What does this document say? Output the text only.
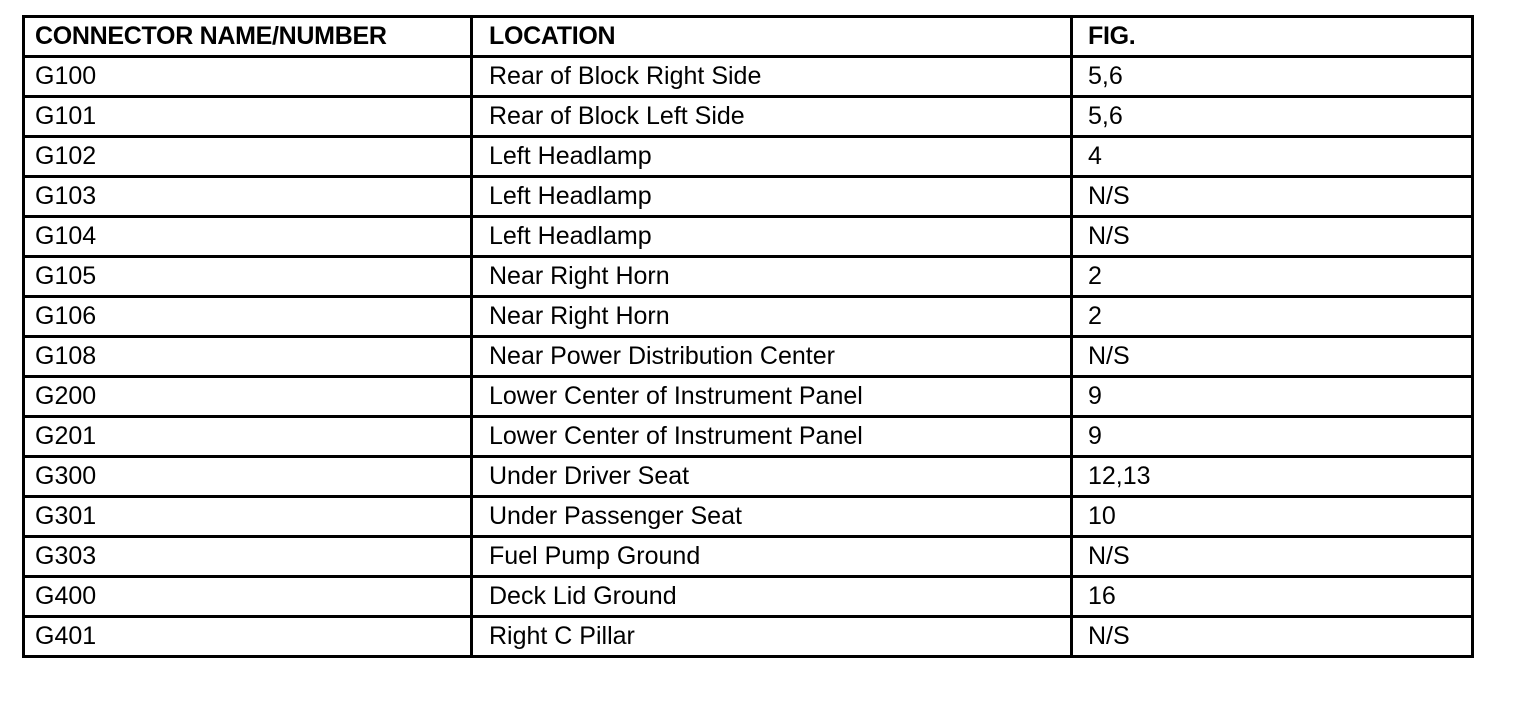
CONNECTOR NAME/NUMBER	LOCATION	FIG.
G100	Rear of Block Right Side	5,6
G101	Rear of Block Left Side	5,6
G102	Left Headlamp	4
G103	Left Headlamp	N/S
G104	Left Headlamp	N/S
G105	Near Right Horn	2
G106	Near Right Horn	2
G108	Near Power Distribution Center	N/S
G200	Lower Center of Instrument Panel	9
G201	Lower Center of Instrument Panel	9
G300	Under Driver Seat	12,13
G301	Under Passenger Seat	10
G303	Fuel Pump Ground	N/S
G400	Deck Lid Ground	16
G401	Right C Pillar	N/S
